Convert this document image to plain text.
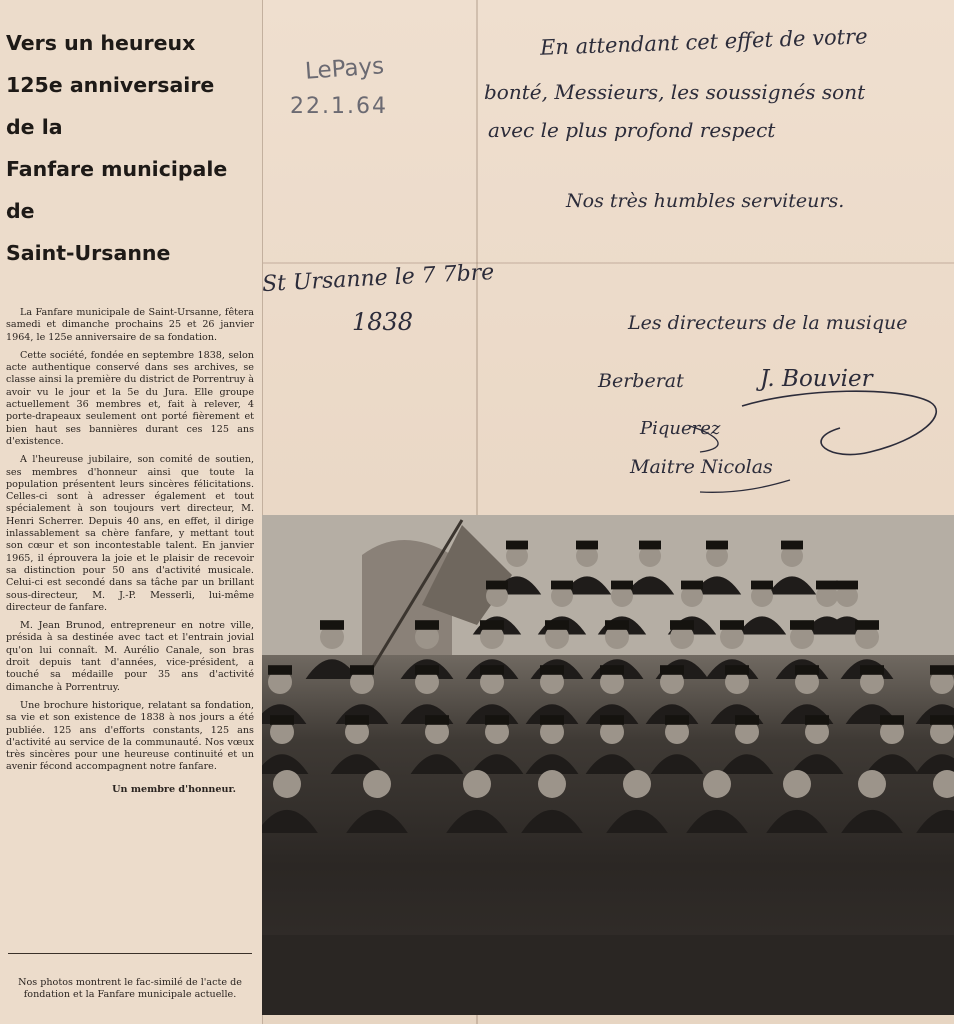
Vers un heureux
125e anniversaire
de la
Fanfare municipale
de
Saint-Ursanne

La Fanfare municipale de Saint-Ursanne, fêtera samedi et dimanche prochains 25 et 26 janvier 1964, le 125e anniversaire de sa fondation.

Cette société, fondée en septembre 1838, selon acte authentique conservé dans ses archives, se classe ainsi la première du district de Porrentruy à avoir vu le jour et la 5e du Jura. Elle groupe actuellement 36 membres et, fait à relever, 4 porte-drapeaux seulement ont porté fièrement et bien haut ses bannières durant ces 125 ans d'existence.

A l'heureuse jubilaire, son comité de soutien, ses membres d'honneur ainsi que toute la population présentent leurs sincères félicitations. Celles-ci sont à adresser également et tout spécialement à son toujours vert directeur, M. Henri Scherrer. Depuis 40 ans, en effet, il dirige inlassablement sa chère fanfare, y mettant tout son cœur et son incontestable talent. En janvier 1965, il éprouvera la joie et le plaisir de recevoir sa distinction pour 50 ans d'activité musicale. Celui-ci est secondé dans sa tâche par un brillant sous-directeur, M. J.-P. Messerli, lui-même directeur de fanfare.

M. Jean Brunod, entrepreneur en notre ville, présida à sa destinée avec tact et l'entrain jovial qu'on lui connaît. M. Aurélio Canale, son bras droit depuis tant d'années, vice-président, a touché sa médaille pour 35 ans d'activité dimanche à Porrentruy.

Une brochure historique, relatant sa fondation, sa vie et son existence de 1838 à nos jours a été publiée. 125 ans d'efforts constants, 125 ans d'activité au service de la communauté. Nos vœux très sincères pour une heureuse continuité et un avenir fécond accompagnent notre fanfare.

Un membre d'honneur.
Nos photos montrent le fac-similé de l'acte de fondation et la Fanfare municipale actuelle.
LePays
22.1.64
En attendant cet effet de votre
bonté, Messieurs, les soussignés sont
avec le plus profond respect
Nos très humbles serviteurs.
St Ursanne le 7 7bre
1838	Les directeurs de la musique
Berberat	J. Bouvier
Piquerez
Maitre Nicolas
